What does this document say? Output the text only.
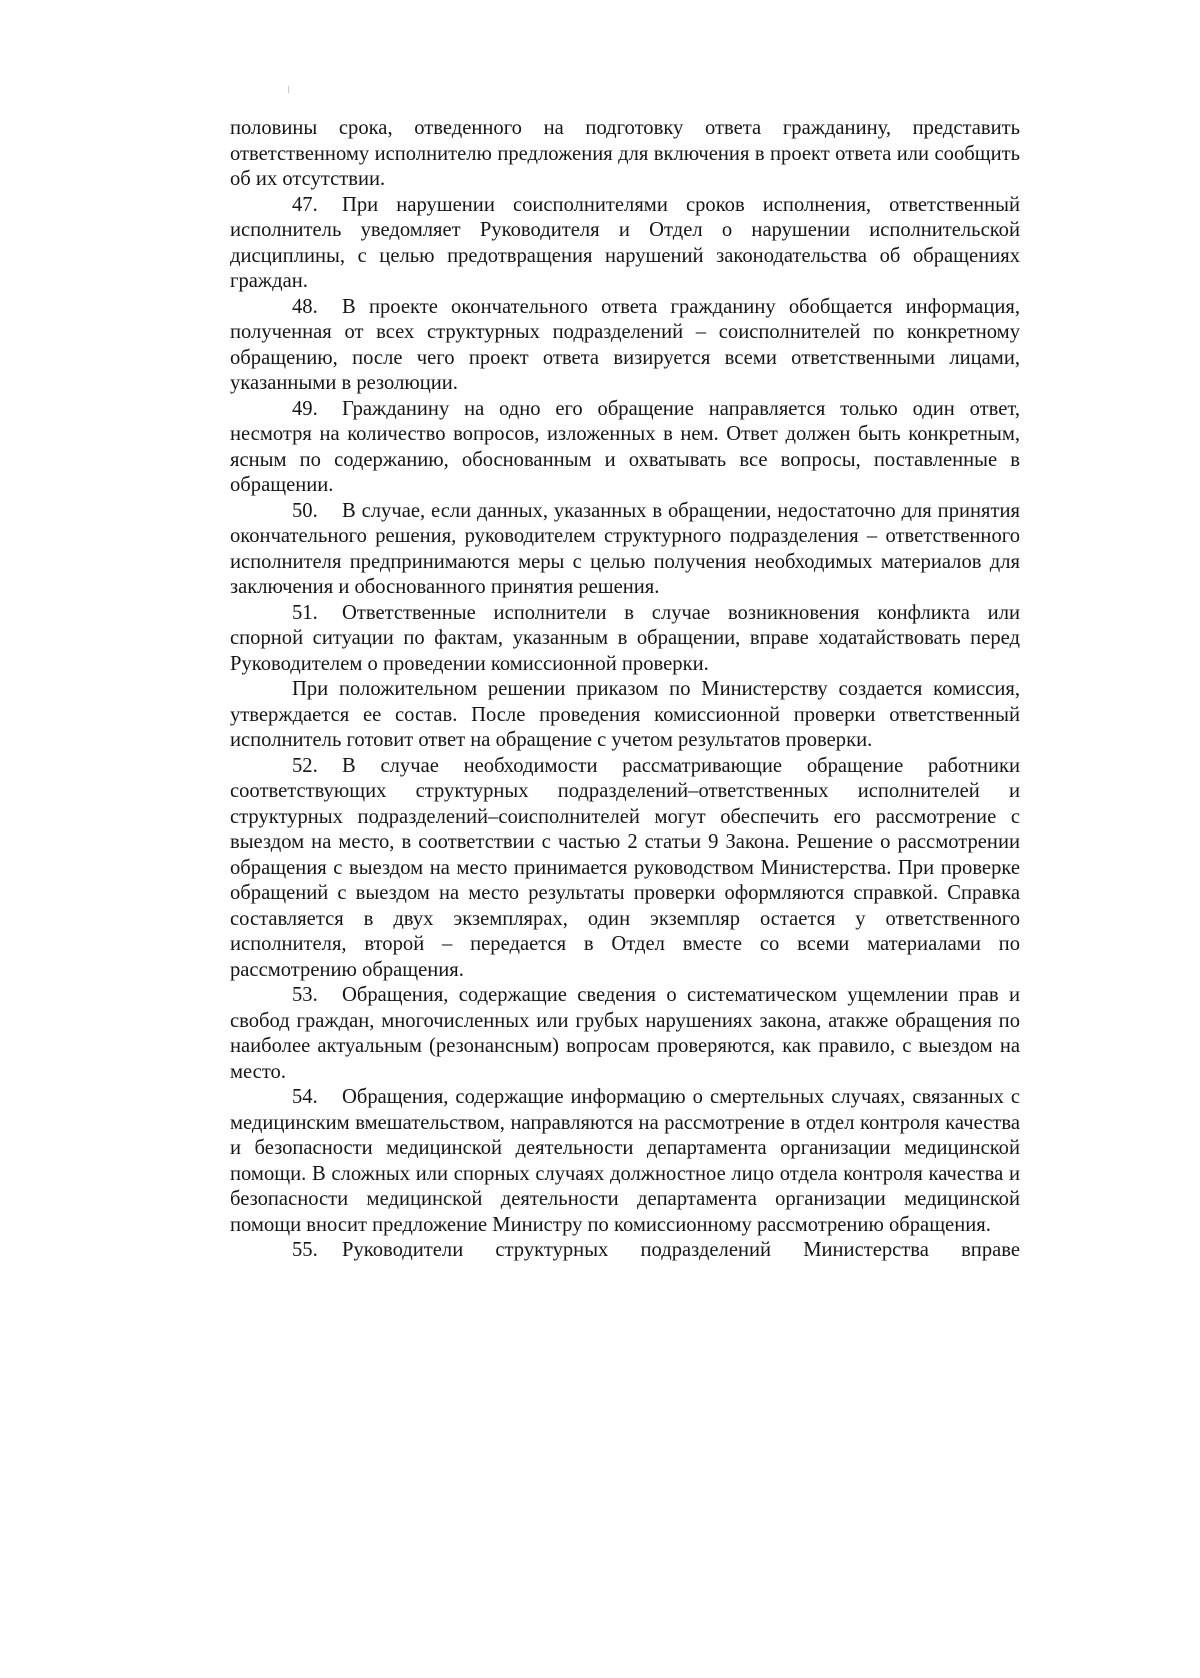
половины срока, отведенного на подготовку ответа гражданину, представить ответственному исполнителю предложения для включения в проект ответа или сообщить об их отсутствии.

47. При нарушении соисполнителями сроков исполнения, ответственный исполнитель уведомляет Руководителя и Отдел о нарушении исполнительской дисциплины, с целью предотвращения нарушений законодательства об обращениях граждан.

48. В проекте окончательного ответа гражданину обобщается информация, полученная от всех структурных подразделений – соисполнителей по конкретному обращению, после чего проект ответа визируется всеми ответственными лицами, указанными в резолюции.

49. Гражданину на одно его обращение направляется только один ответ, несмотря на количество вопросов, изложенных в нем. Ответ должен быть конкретным, ясным по содержанию, обоснованным и охватывать все вопросы, поставленные в обращении.

50. В случае, если данных, указанных в обращении, недостаточно для принятия окончательного решения, руководителем структурного подразделения – ответственного исполнителя предпринимаются меры с целью получения необходимых материалов для заключения и обоснованного принятия решения.

51. Ответственные исполнители в случае возникновения конфликта или спорной ситуации по фактам, указанным в обращении, вправе ходатайствовать перед Руководителем о проведении комиссионной проверки.

При положительном решении приказом по Министерству создается комиссия, утверждается ее состав. После проведения комиссионной проверки ответственный исполнитель готовит ответ на обращение с учетом результатов проверки.

52. В случае необходимости рассматривающие обращение работники соответствующих структурных подразделений–ответственных исполнителей и структурных подразделений–соисполнителей могут обеспечить его рассмотрение с выездом на место, в соответствии с частью 2 статьи 9 Закона. Решение о рассмотрении обращения с выездом на место принимается руководством Министерства. При проверке обращений с выездом на место результаты проверки оформляются справкой. Справка составляется в двух экземплярах, один экземпляр остается у ответственного исполнителя, второй – передается в Отдел вместе со всеми материалами по рассмотрению обращения.

53. Обращения, содержащие сведения о систематическом ущемлении прав и свобод граждан, многочисленных или грубых нарушениях закона, атакже обращения по наиболее актуальным (резонансным) вопросам проверяются, как правило, с выездом на место.

54. Обращения, содержащие информацию о смертельных случаях, связанных с медицинским вмешательством, направляются на рассмотрение в отдел контроля качества и безопасности медицинской деятельности департамента организации медицинской помощи. В сложных или спорных случаях должностное лицо отдела контроля качества и безопасности медицинской деятельности департамента организации медицинской помощи вносит предложение Министру по комиссионному рассмотрению обращения.

55. Руководители структурных подразделений Министерства вправе
